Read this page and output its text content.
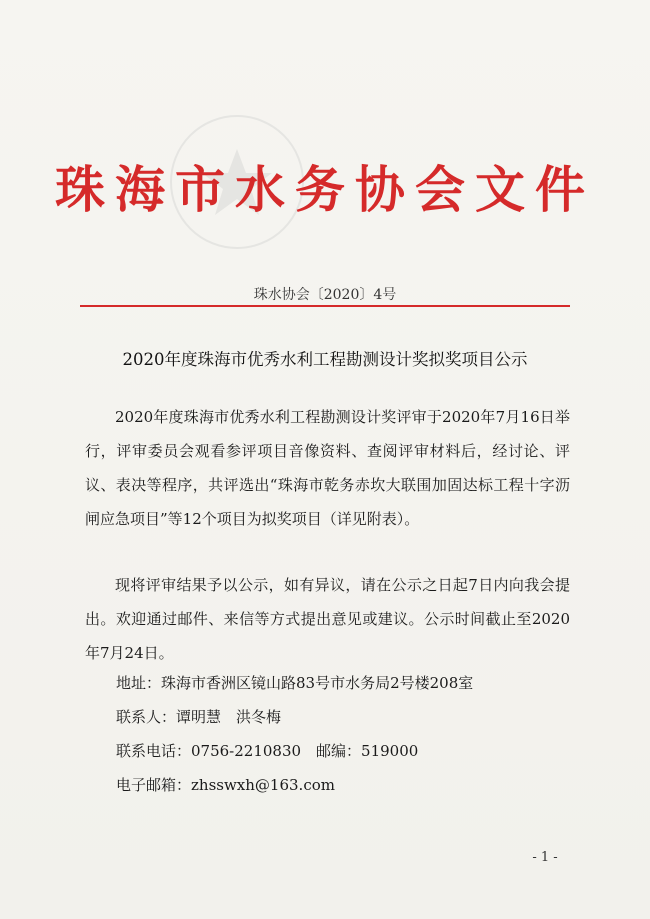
珠海市水务协会文件
珠水协会〔2020〕4号
2020年度珠海市优秀水利工程勘测设计奖拟奖项目公示
2020年度珠海市优秀水利工程勘测设计奖评审于2020年7月16日举行，评审委员会观看参评项目音像资料、查阅评审材料后，经讨论、评议、表决等程序，共评选出“珠海市乾务赤坎大联围加固达标工程十字沥闸应急项目”等12个项目为拟奖项目（详见附表）。
现将评审结果予以公示，如有异议，请在公示之日起7日内向我会提出。欢迎通过邮件、来信等方式提出意见或建议。公示时间截止至2020年7月24日。
地址：珠海市香洲区镜山路83号市水务局2号楼208室
联系人：谭明慧　洪冬梅
联系电话：0756-2210830　邮编：519000
电子邮箱：zhsswxh@163.com
- 1 -
